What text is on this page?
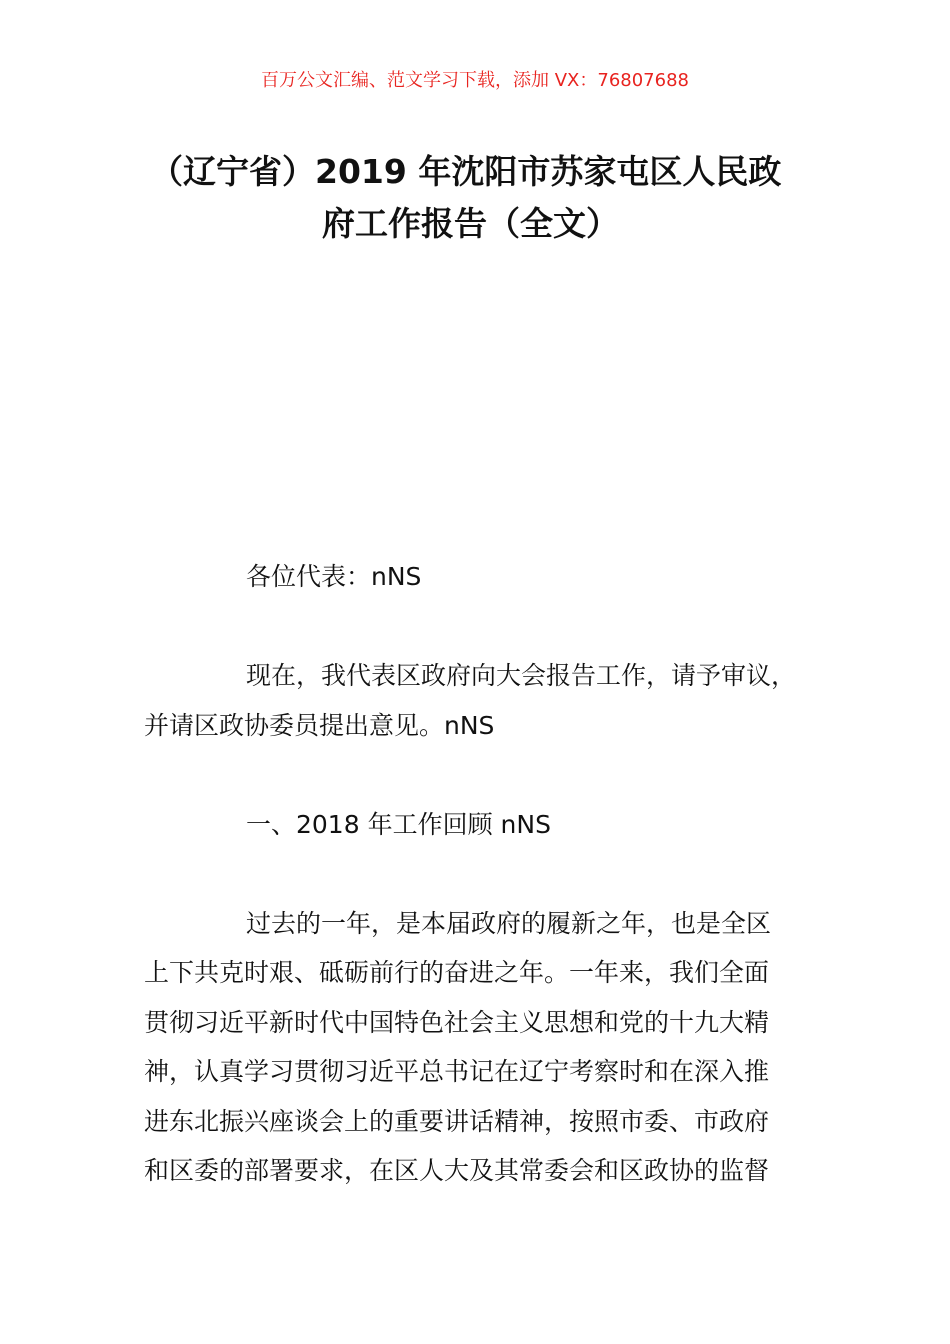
百万公文汇编、范文学习下载，添加 VX：76807688
（辽宁省）2019 年沈阳市苏家屯区人民政
府工作报告（全文）

各位代表：nNS

现在，我代表区政府向大会报告工作，请予审议，
并请区政协委员提出意见。nNS

一、2018 年工作回顾 nNS

过去的一年，是本届政府的履新之年，也是全区
上下共克时艰、砥砺前行的奋进之年。一年来，我们全面
贯彻习近平新时代中国特色社会主义思想和党的十九大精
神，认真学习贯彻习近平总书记在辽宁考察时和在深入推
进东北振兴座谈会上的重要讲话精神，按照市委、市政府
和区委的部署要求，在区人大及其常委会和区政协的监督
